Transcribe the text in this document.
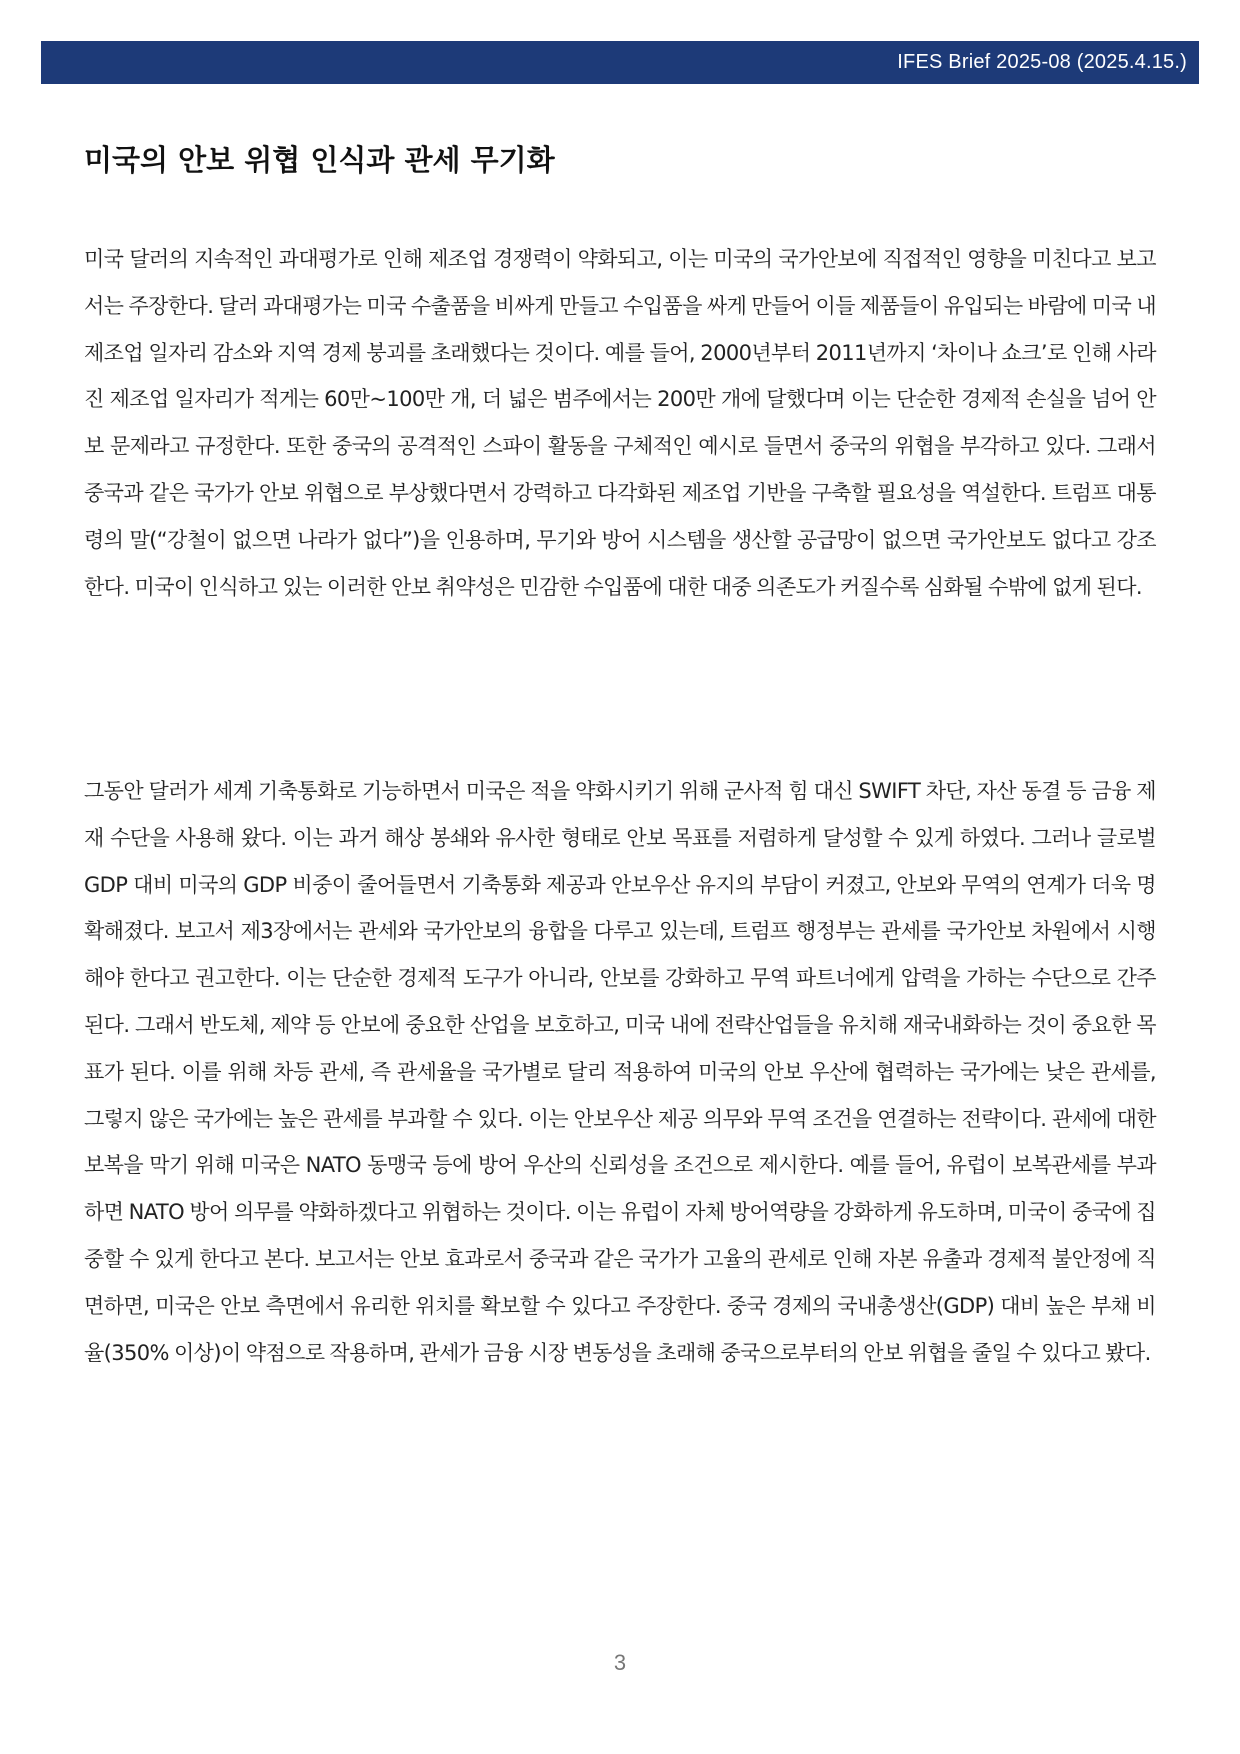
IFES Brief 2025-08 (2025.4.15.)
미국의 안보 위협 인식과 관세 무기화

미국 달러의 지속적인 과대평가로 인해 제조업 경쟁력이 약화되고, 이는 미국의 국가안보에 직접적인 영향을 미친다고 보고서는 주장한다. 달러 과대평가는 미국 수출품을 비싸게 만들고 수입품을 싸게 만들어 이들 제품들이 유입되는 바람에 미국 내 제조업 일자리 감소와 지역 경제 붕괴를 초래했다는 것이다. 예를 들어, 2000년부터 2011년까지 ‘차이나 쇼크’로 인해 사라진 제조업 일자리가 적게는 60만~100만 개, 더 넓은 범주에서는 200만 개에 달했다며 이는 단순한 경제적 손실을 넘어 안보 문제라고 규정한다. 또한 중국의 공격적인 스파이 활동을 구체적인 예시로 들면서 중국의 위협을 부각하고 있다. 그래서 중국과 같은 국가가 안보 위협으로 부상했다면서 강력하고 다각화된 제조업 기반을 구축할 필요성을 역설한다. 트럼프 대통령의 말(“강철이 없으면 나라가 없다”)을 인용하며, 무기와 방어 시스템을 생산할 공급망이 없으면 국가안보도 없다고 강조한다. 미국이 인식하고 있는 이러한 안보 취약성은 민감한 수입품에 대한 대중 의존도가 커질수록 심화될 수밖에 없게 된다.

그동안 달러가 세계 기축통화로 기능하면서 미국은 적을 약화시키기 위해 군사적 힘 대신 SWIFT 차단, 자산 동결 등 금융 제재 수단을 사용해 왔다. 이는 과거 해상 봉쇄와 유사한 형태로 안보 목표를 저렴하게 달성할 수 있게 하였다. 그러나 글로벌 GDP 대비 미국의 GDP 비중이 줄어들면서 기축통화 제공과 안보우산 유지의 부담이 커졌고, 안보와 무역의 연계가 더욱 명확해졌다. 보고서 제3장에서는 관세와 국가안보의 융합을 다루고 있는데, 트럼프 행정부는 관세를 국가안보 차원에서 시행해야 한다고 권고한다. 이는 단순한 경제적 도구가 아니라, 안보를 강화하고 무역 파트너에게 압력을 가하는 수단으로 간주된다. 그래서 반도체, 제약 등 안보에 중요한 산업을 보호하고, 미국 내에 전략산업들을 유치해 재국내화하는 것이 중요한 목표가 된다. 이를 위해 차등 관세, 즉 관세율을 국가별로 달리 적용하여 미국의 안보 우산에 협력하는 국가에는 낮은 관세를, 그렇지 않은 국가에는 높은 관세를 부과할 수 있다. 이는 안보우산 제공 의무와 무역 조건을 연결하는 전략이다. 관세에 대한 보복을 막기 위해 미국은 NATO 동맹국 등에 방어 우산의 신뢰성을 조건으로 제시한다. 예를 들어, 유럽이 보복관세를 부과하면 NATO 방어 의무를 약화하겠다고 위협하는 것이다. 이는 유럽이 자체 방어역량을 강화하게 유도하며, 미국이 중국에 집중할 수 있게 한다고 본다. 보고서는 안보 효과로서 중국과 같은 국가가 고율의 관세로 인해 자본 유출과 경제적 불안정에 직면하면, 미국은 안보 측면에서 유리한 위치를 확보할 수 있다고 주장한다. 중국 경제의 국내총생산(GDP) 대비 높은 부채 비율(350% 이상)이 약점으로 작용하며, 관세가 금융 시장 변동성을 초래해 중국으로부터의 안보 위협을 줄일 수 있다고 봤다.

3
